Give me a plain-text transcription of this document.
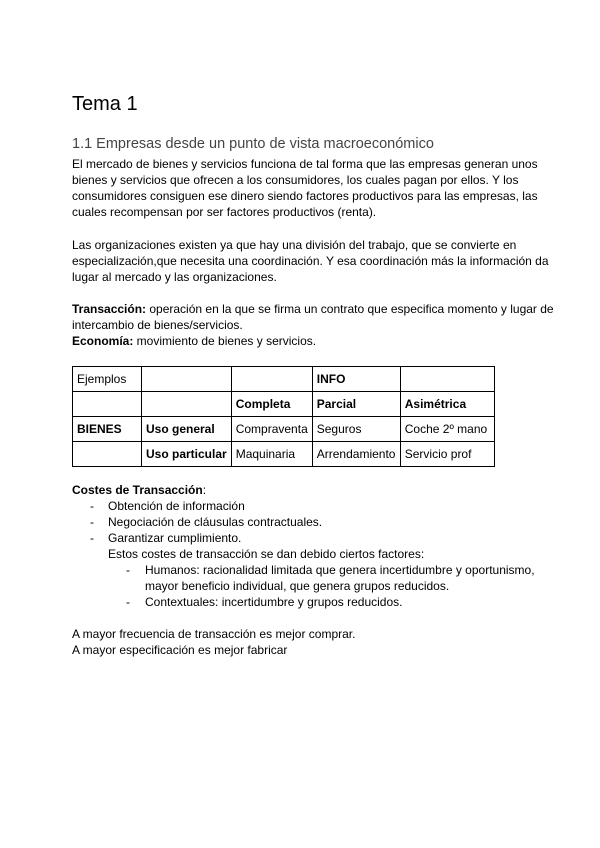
Tema 1
1.1 Empresas desde un punto de vista macroeconómico

El mercado de bienes y servicios funciona de tal forma que las empresas generan unos bienes y servicios que ofrecen a los consumidores, los cuales pagan por ellos. Y los consumidores consiguen ese dinero siendo factores productivos para las empresas, las cuales recompensan por ser factores productivos (renta).

Las organizaciones existen ya que hay una división del trabajo, que se convierte en especialización,que necesita una coordinación. Y esa coordinación más la información da lugar al mercado y las organizaciones.

Transacción: operación en la que se firma un contrato que especifica momento y lugar de intercambio de bienes/servicios.

Economía: movimiento de bienes y servicios.

Ejemplos			INFO	
		Completa	Parcial	Asimétrica
BIENES	Uso general	Compraventa	Seguros	Coche 2º mano
	Uso particular	Maquinaria	Arrendamiento	Servicio prof
Costes de Transacción:
- Obtención de información
- Negociación de cláusulas contractuales.
- Garantizar cumplimiento.
Estos costes de transacción se dan debido ciertos factores:
- Humanos: racionalidad limitada que genera incertidumbre y oportunismo, mayor beneficio individual, que genera grupos reducidos.
- Contextuales: incertidumbre y grupos reducidos.

A mayor frecuencia de transacción es mejor comprar.

A mayor especificación es mejor fabricar
